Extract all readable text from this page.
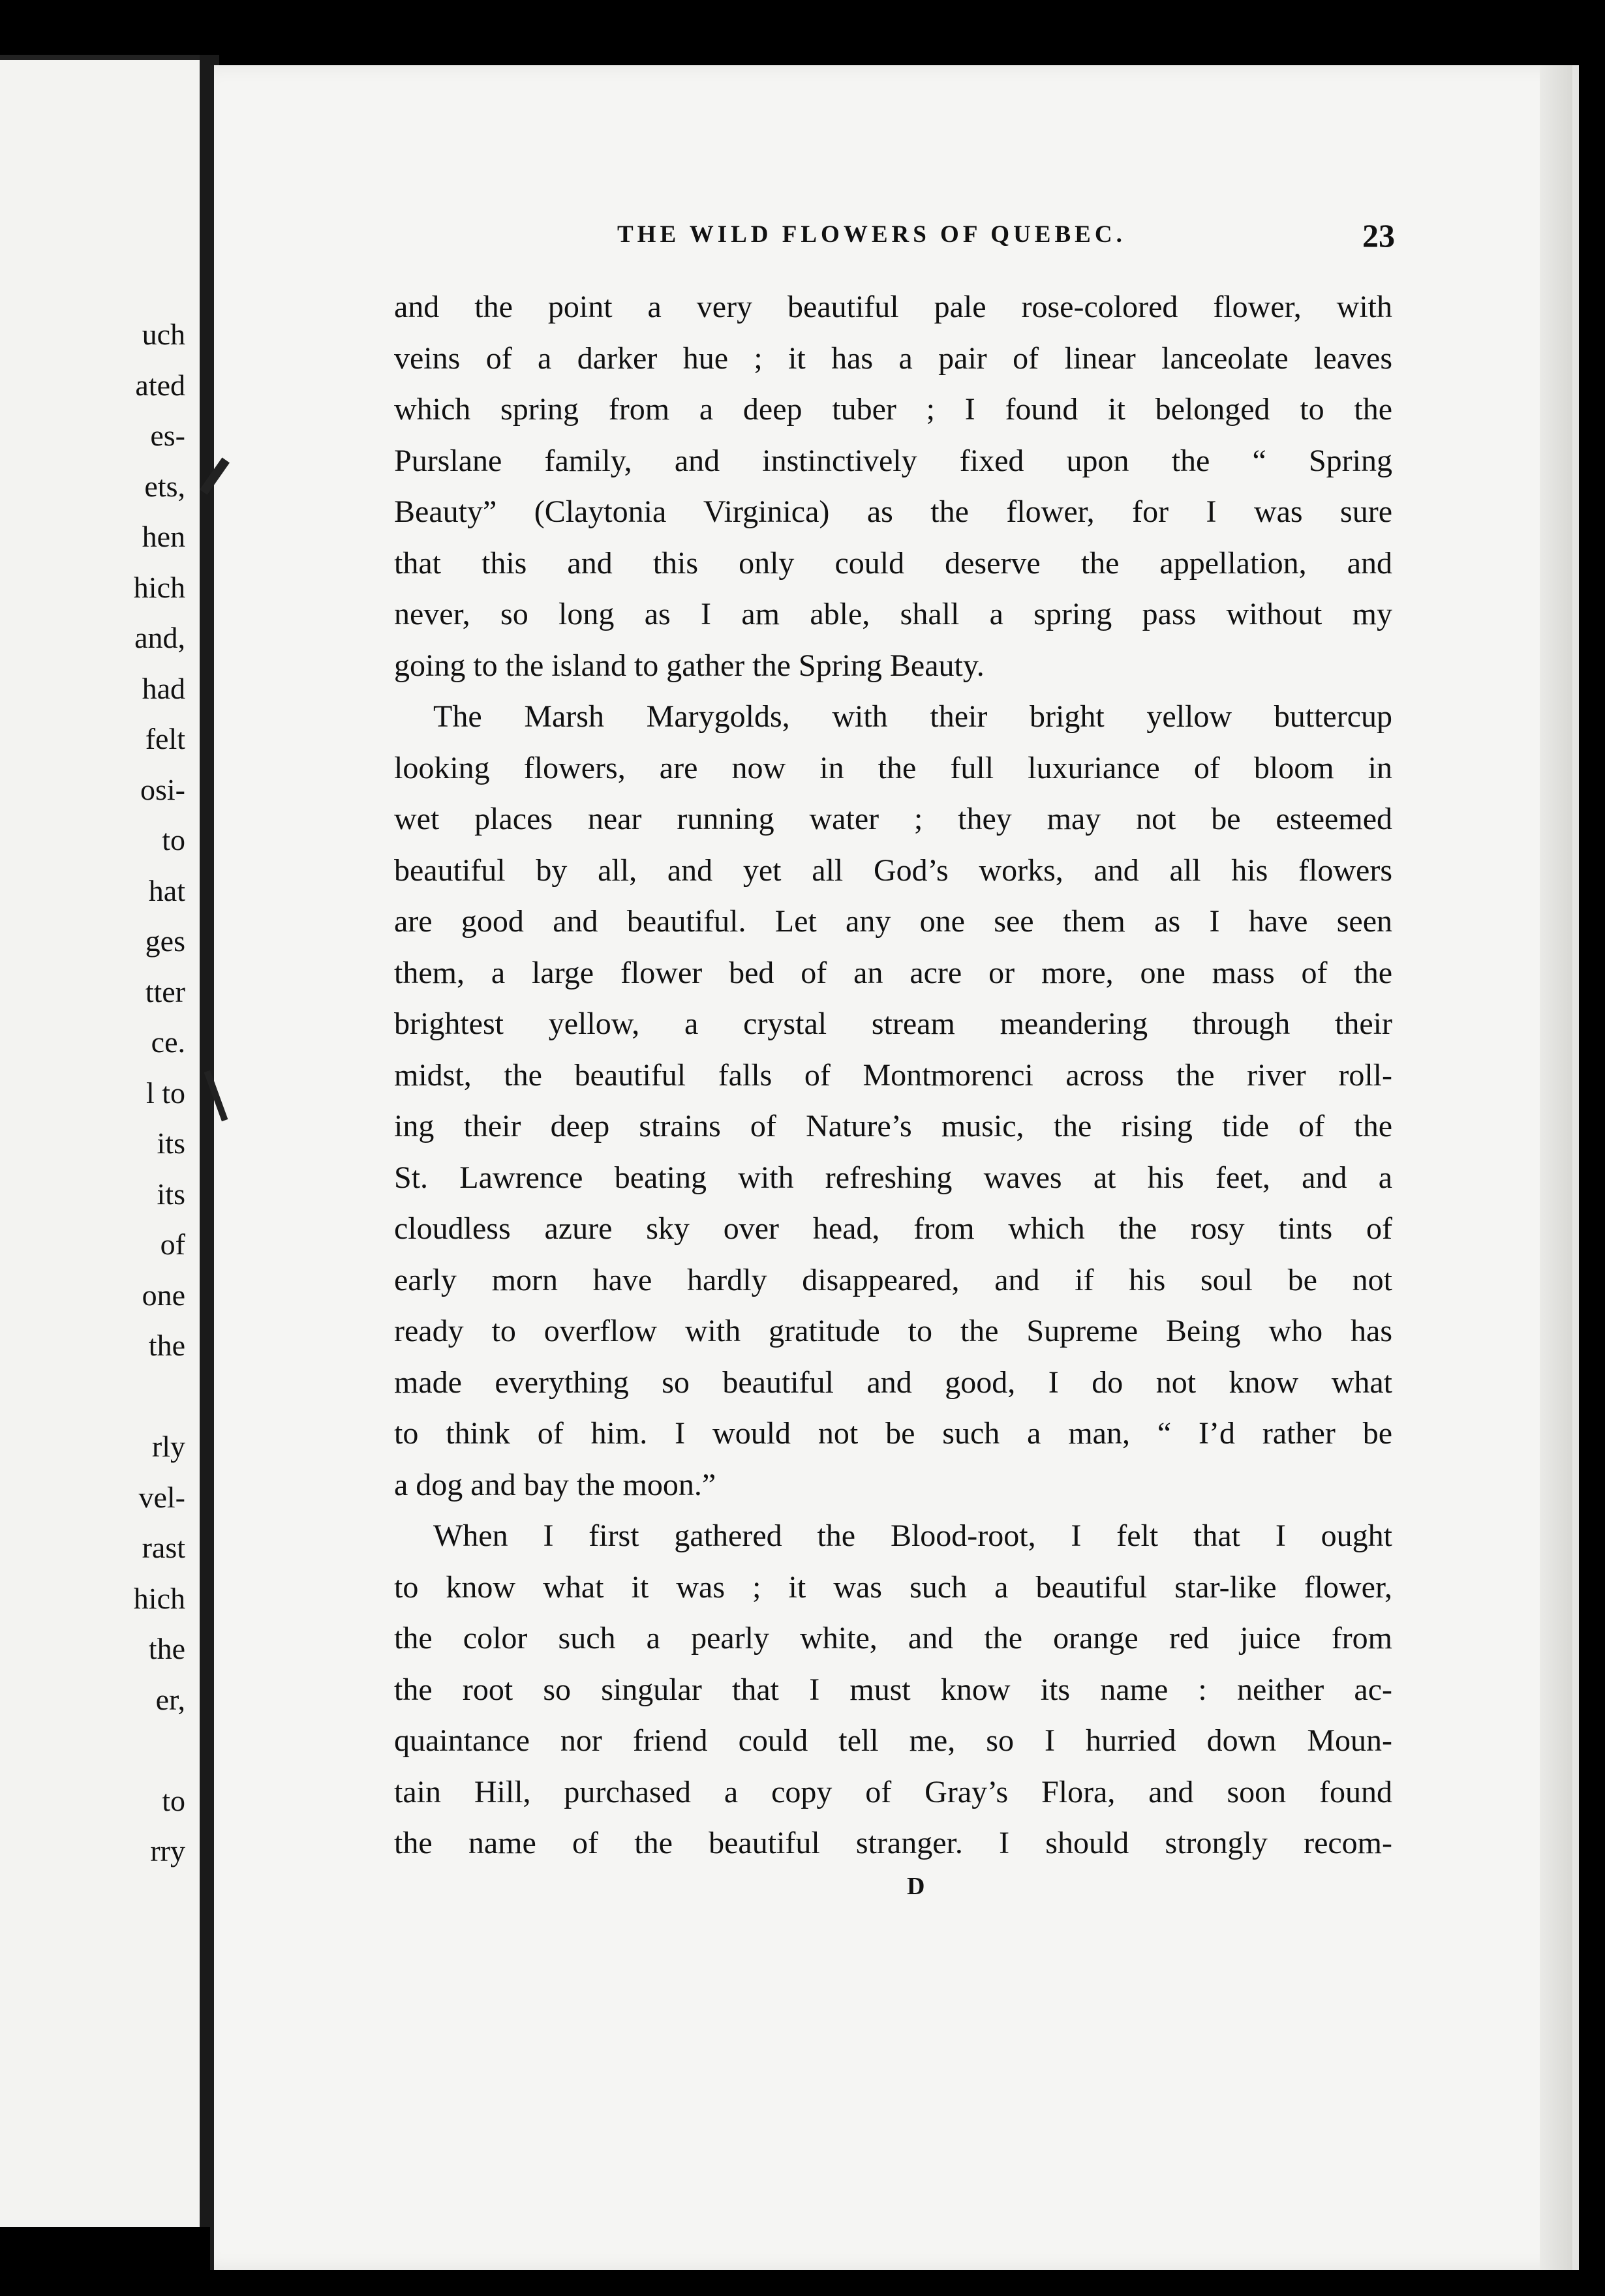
uch
ated
es-
ets,
hen
hich
and,
had
felt
osi-
to
hat
ges
tter
ce.
l to
its
its
of
one
the
rly
vel-
rast
hich
the
er,
to
rry
THE WILD FLOWERS OF QUEBEC.	23
and the point a very beautiful pale rose-colored flower, with
veins of a darker hue ; it has a pair of linear lanceolate leaves
which spring from a deep tuber ; I found it belonged to the
Purslane family, and instinctively fixed upon the “ Spring
Beauty” (Claytonia Virginica) as the flower, for I was sure
that this and this only could deserve the appellation, and
never, so long as I am able, shall a spring pass without my
going to the island to gather the Spring Beauty.
The Marsh Marygolds, with their bright yellow buttercup
looking flowers, are now in the full luxuriance of bloom in
wet places near running water ; they may not be esteemed
beautiful by all, and yet all God’s works, and all his flowers
are good and beautiful. Let any one see them as I have seen
them, a large flower bed of an acre or more, one mass of the
brightest yellow, a crystal stream meandering through their
midst, the beautiful falls of Montmorenci across the river roll-
ing their deep strains of Nature’s music, the rising tide of the
St. Lawrence beating with refreshing waves at his feet, and a
cloudless azure sky over head, from which the rosy tints of
early morn have hardly disappeared, and if his soul be not
ready to overflow with gratitude to the Supreme Being who has
made everything so beautiful and good, I do not know what
to think of him. I would not be such a man, “ I’d rather be
a dog and bay the moon.”
When I first gathered the Blood-root, I felt that I ought
to know what it was ; it was such a beautiful star-like flower,
the color such a pearly white, and the orange red juice from
the root so singular that I must know its name : neither ac-
quaintance nor friend could tell me, so I hurried down Moun-
tain Hill, purchased a copy of Gray’s Flora, and soon found
the name of the beautiful stranger. I should strongly recom-
D
